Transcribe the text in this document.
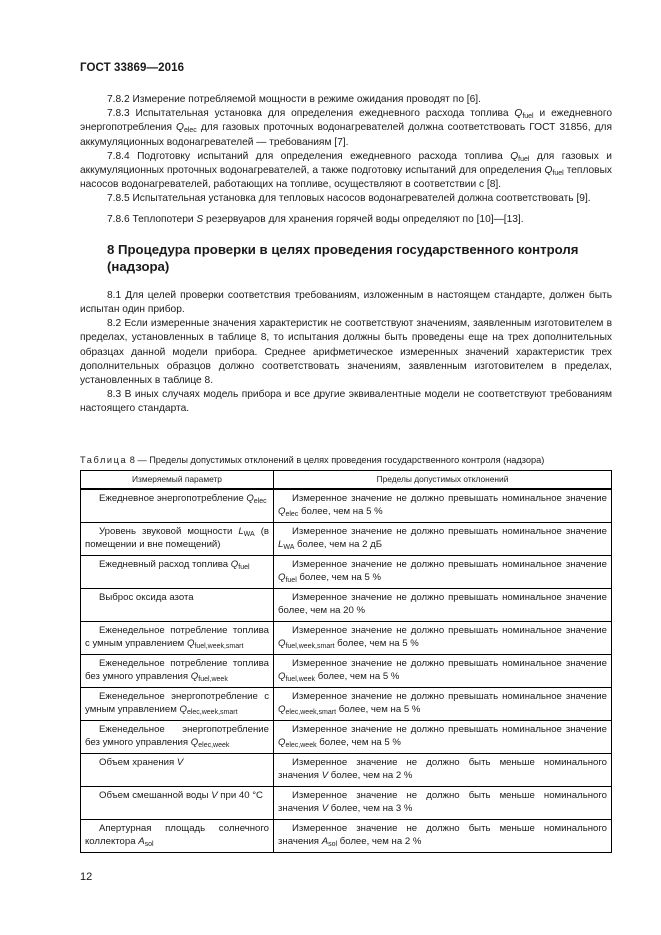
ГОСТ 33869—2016

7.8.2 Измерение потребляемой мощности в режиме ожидания проводят по [6].

7.8.3 Испытательная установка для определения ежедневного расхода топлива $Q_{fuel}$ и ежедневного энергопотребления $Q_{elec}$ для газовых проточных водонагревателей должна соответствовать ГОСТ 31856, для аккумуляционных водонагревателей — требованиям [7].

7.8.4 Подготовку испытаний для определения ежедневного расхода топлива $Q_{fuel}$ для газовых и аккумуляционных проточных водонагревателей, а также подготовку испытаний для определения $Q_{fuel}$ тепловых насосов водонагревателей, работающих на топливе, осуществляют в соответствии с [8].

7.8.5 Испытательная установка для тепловых насосов водонагревателей должна соответствовать [9].

7.8.6 Теплопотери S резервуаров для хранения горячей воды определяют по [10]—[13].

8 Процедура проверки в целях проведения государственного контроля (надзора)

8.1 Для целей проверки соответствия требованиям, изложенным в настоящем стандарте, должен быть испытан один прибор.

8.2 Если измеренные значения характеристик не соответствуют значениям, заявленным изготовителем в пределах, установленных в таблице 8, то испытания должны быть проведены еще на трех дополнительных образцах данной модели прибора. Среднее арифметическое измеренных значений характеристик трех дополнительных образцов должно соответствовать значениям, заявленным изготовителем в пределах, установленных в таблице 8.

8.3 В иных случаях модель прибора и все другие эквивалентные модели не соответствуют требованиям настоящего стандарта.

Таблица 8 — Пределы допустимых отклонений в целях проведения государственного контроля (надзора)
Измеряемый параметр	Пределы допустимых отклонений
Ежедневное энергопотребление $Q_{elec}$	Измеренное значение не должно превышать номинальное значение $Q_{elec}$ более, чем на 5 %
Уровень звуковой мощности $L_{WA}$ (в помещении и вне помещений)	Измеренное значение не должно превышать номинальное значение $L_{WA}$ более, чем на 2 дБ
Ежедневный расход топлива $Q_{fuel}$	Измеренное значение не должно превышать номинальное значение $Q_{fuel}$ более, чем на 5 %
Выброс оксида азота	Измеренное значение не должно превышать номинальное значение более, чем на 20 %
Еженедельное потребление топлива с умным управлением $Q_{fuel,week,smart}$	Измеренное значение не должно превышать номинальное значение $Q_{fuel,week,smart}$ более, чем на 5 %
Еженедельное потребление топлива без умного управления $Q_{fuel,week}$	Измеренное значение не должно превышать номинальное значение $Q_{fuel,week}$ более, чем на 5 %
Еженедельное энергопотребление с умным управлением $Q_{elec,week,smart}$	Измеренное значение не должно превышать номинальное значение $Q_{elec,week,smart}$ более, чем на 5 %
Еженедельное энергопотребление без умного управления $Q_{elec,week}$	Измеренное значение не должно превышать номинальное значение $Q_{elec,week}$ более, чем на 5 %
Объем хранения V	Измеренное значение не должно быть меньше номинального значения V более, чем на 2 %
Объем смешанной воды V при 40 °C	Измеренное значение не должно быть меньше номинального значения V более, чем на 3 %
Апертурная площадь солнечного коллектора $A_{sol}$	Измеренное значение не должно быть меньше номинального значения $A_{sol}$ более, чем на 2 %
12
